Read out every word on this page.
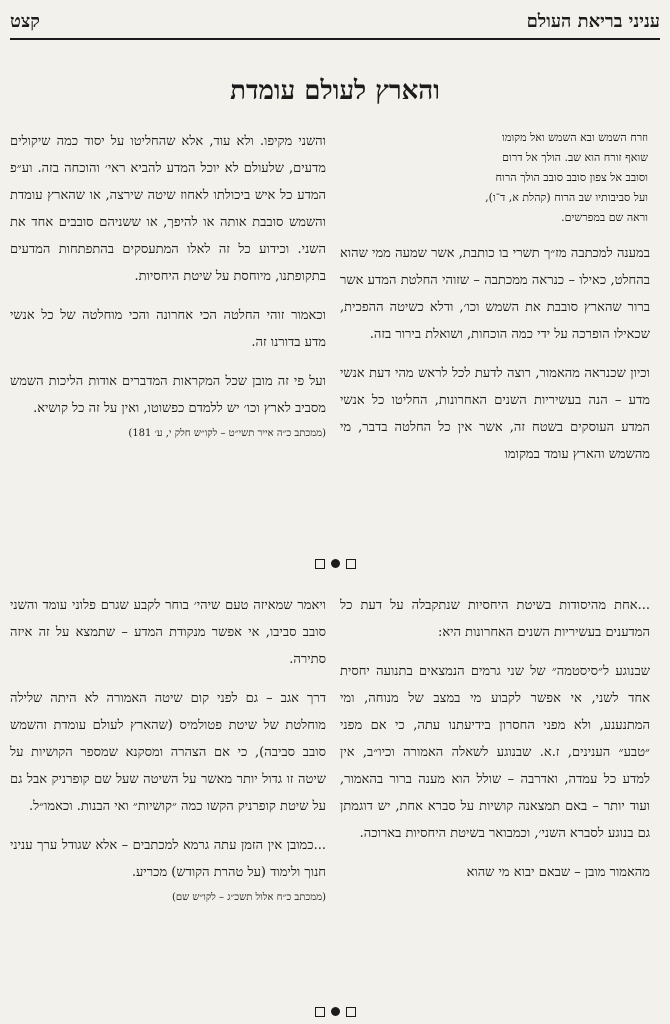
עניני בריאת העולם
קצט
והארץ לעולם עומדת
וזרח השמש ובא השמש ואל מקומו
שואף זורח הוא שב. הולך אל דרום
וסובב אל צפון סובב סובב הולך הרוח
ועל סביבותיו שב הרוח (קהלת א, ד־ו),
וראה שם במפרשים.

במענה למכתבה מז״ך תשרי בו כותבת, אשר שמעה ממי שהוא בהחלט, כאילו – כנראה ממכתבה – שזוהי החלטת המדע אשר ברור שהארץ סובבת את השמש וכו׳, ודלא כשיטה ההפכית, שכאילו הופרכה על ידי כמה הוכחות, ושואלת בירור בזה.

וכיון שכנראה מהאמור, רוצה לדעת לכל לראש מהי דעת אנשי מדע – הנה בעשיריות השנים האחרונות, החליטו כל אנשי המדע העוסקים בשטח זה, אשר אין כל החלטה בדבר, מי מהשמש והארץ עומד במקומו

והשני מקיפו. ולא עוד, אלא שהחליטו על יסוד כמה שיקולים מדעים, שלעולם לא יוכל המדע להביא ראי׳ והוכחה בזה. וע״פ המדע כל איש ביכולתו לאחוז שיטה שירצה, או שהארץ עומדת והשמש סובבת אותה או להיפך, או ששניהם סובבים אחד את השני. וכידוע כל זה לאלו המתעסקים בהתפתחות המדעים בתקופתנו, מיוחסת על שיטת היחסיות.

וכאמור זוהי החלטה הכי אחרונה והכי מוחלטה של כל אנשי מדע בדורנו זה.

ועל פי זה מובן שכל המקראות המדברים אודות הליכות השמש מסביב לארץ וכו׳ יש ללמדם כפשוטו, ואין על זה כל קושיא.

(ממכתב כ״ה אייר תשי״ט – לקו״ש חלק י, ע׳ 181)

...אחת מהיסודות בשיטת היחסיות שנתקבלה על דעת כל המדענים בעשיריות השנים האחרונות היא:

שבנוגע ל״סיסטמה״ של שני גרמים הנמצאים בתנועה יחסית אחד לשני, אי אפשר לקבוע מי במצב של מנוחה, ומי המתנענע, ולא מפני החסרון בידיעתנו עתה, כי אם מפני ״טבע״ הענינים, ז.א. שבנוגע לשאלה האמורה וכיו״ב, אין למדע כל עמדה, ואדרבה – שולל הוא מענה ברור בהאמור, ועוד יותר – באם תמצאנה קושיות על סברא אחת, יש דוגמתן גם בנוגע לסברא השני׳, וכמבואר בשיטת היחסיות בארוכה.

מהאמור מובן – שבאם יבוא מי שהוא

ויאמר שמאיזה טעם שיהי׳ בוחר לקבע שגרם פלוני עומד והשני סובב סביבו, אי אפשר מנקודת המדע – שתמצא על זה איזה סתירה.

דרך אגב – גם לפני קום שיטה האמורה לא היתה שלילה מוחלטת של שיטת פטולמיס (שהארץ לעולם עומדת והשמש סובב סביבה), כי אם הצהרה ומסקנא שמספר הקושיות על שיטה זו גדול יותר מאשר על השיטה שעל שם קופרניק אבל גם על שיטת קופרניק הקשו כמה ״קושיות״ ואי הבנות. וכאמו״ל.

...כמובן אין הזמן עתה גרמא למכתבים – אלא שגודל ערך עניני חנוך ולימוד (על טהרת הקודש) מכריע.

(ממכתב כ״ח אלול תשכ״ג – לקו״ש שם)
